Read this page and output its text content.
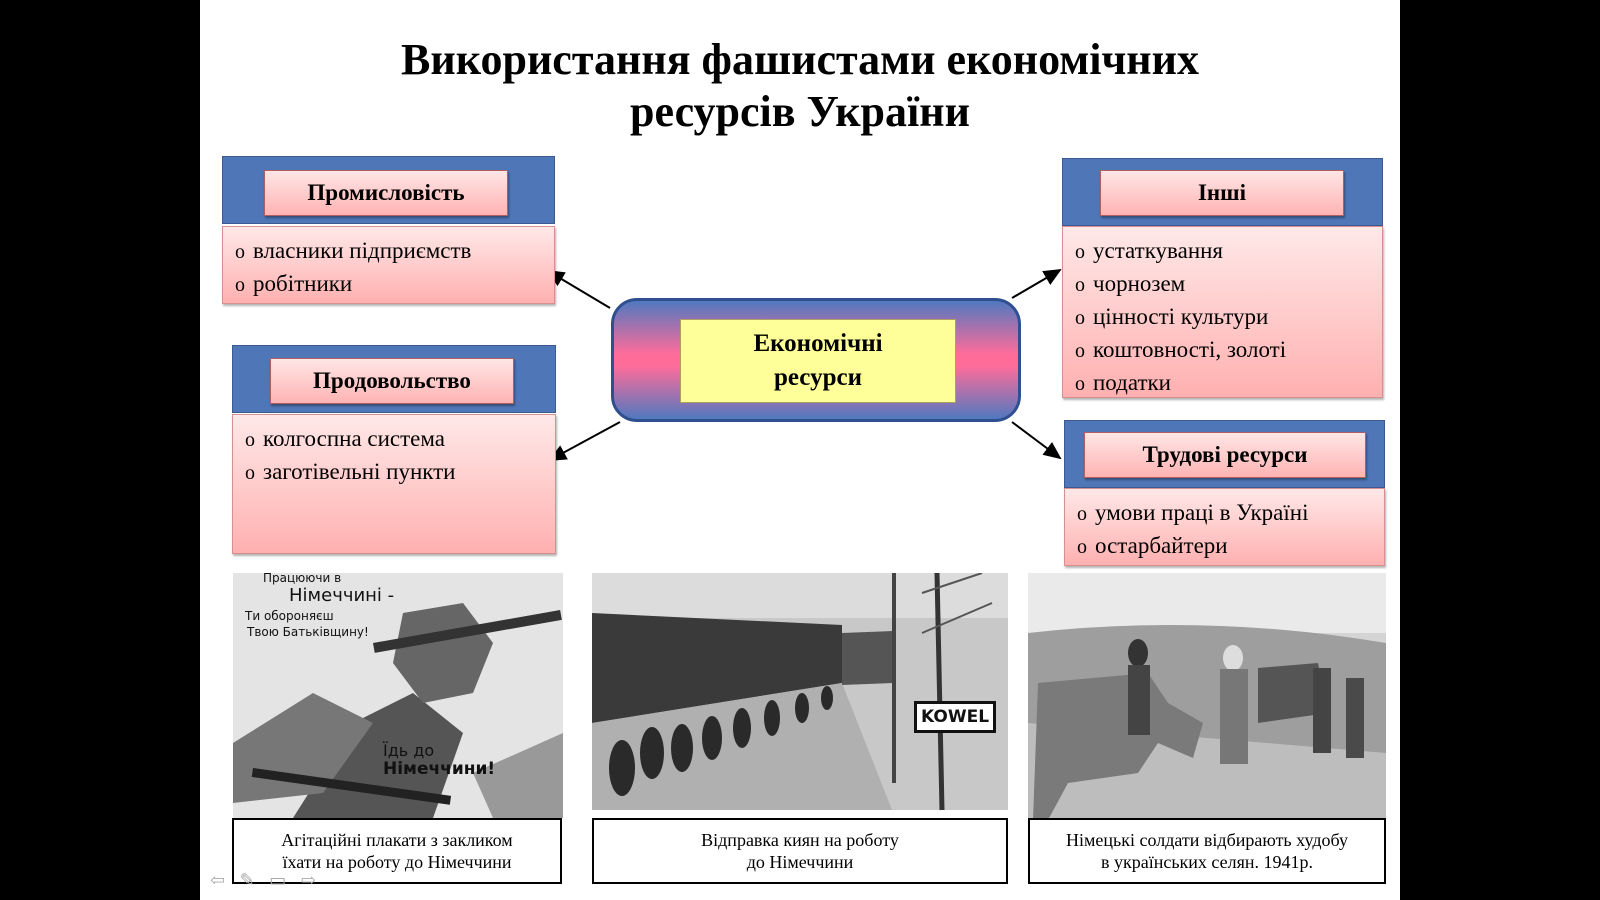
Використання фашистами економічних
ресурсів України
Промисловість
o власники підприємств
o робітники
Продовольство
o колгоспна система
o заготівельні пункти
Інші
o устаткування
o чорнозем
o цінності культури
o коштовності, золоті
o податки
Трудові ресурси
o умови праці в Україні
o остарбайтери
Економічні
ресурси
Працюючи в
Німеччині -
Ти обороняєш
Твою Батьківщину!
Їдь до
Німеччини!
Агітаційні плакати з закликом
їхати на роботу до Німеччини
KOWEL
Відправка киян на роботу
до Німеччини
Німецькі солдати відбирають худобу
в українських селян. 1941р.
⇦ ✎ ▭ ⇨
